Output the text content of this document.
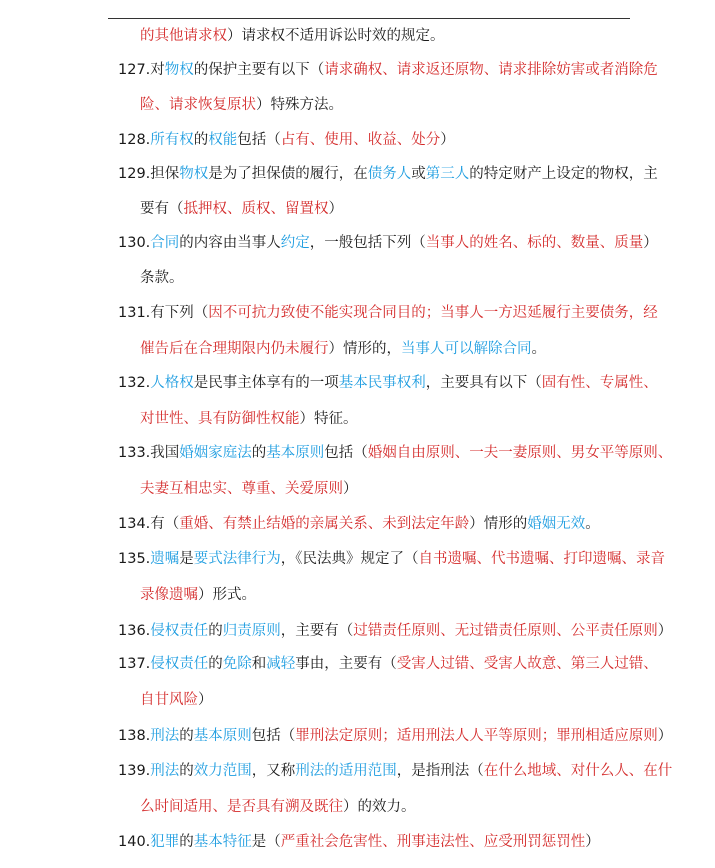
的其他请求权）请求权不适用诉讼时效的规定。
127.对物权的保护主要有以下（请求确权、请求返还原物、请求排除妨害或者消除危
险、请求恢复原状）特殊方法。
128.所有权的权能包括（占有、使用、收益、处分）
129.担保物权是为了担保债的履行，在债务人或第三人的特定财产上设定的物权，主
要有（抵押权、质权、留置权）
130.合同的内容由当事人约定，一般包括下列（当事人的姓名、标的、数量、质量）
条款。
131.有下列（因不可抗力致使不能实现合同目的；当事人一方迟延履行主要债务，经
催告后在合理期限内仍未履行）情形的，当事人可以解除合同。
132.人格权是民事主体享有的一项基本民事权利，主要具有以下（固有性、专属性、
对世性、具有防御性权能）特征。
133.我国婚姻家庭法的基本原则包括（婚姻自由原则、一夫一妻原则、男女平等原则、
夫妻互相忠实、尊重、关爱原则）
134.有（重婚、有禁止结婚的亲属关系、未到法定年龄）情形的婚姻无效。
135.遗嘱是要式法律行为，《民法典》规定了（自书遗嘱、代书遗嘱、打印遗嘱、录音
录像遗嘱）形式。
136.侵权责任的归责原则，主要有（过错责任原则、无过错责任原则、公平责任原则）
137.侵权责任的免除和减轻事由，主要有（受害人过错、受害人故意、第三人过错、
自甘风险）
138.刑法的基本原则包括（罪刑法定原则；适用刑法人人平等原则；罪刑相适应原则）
139.刑法的效力范围，又称刑法的适用范围，是指刑法（在什么地域、对什么人、在什
么时间适用、是否具有溯及既往）的效力。
140.犯罪的基本特征是（严重社会危害性、刑事违法性、应受刑罚惩罚性）
